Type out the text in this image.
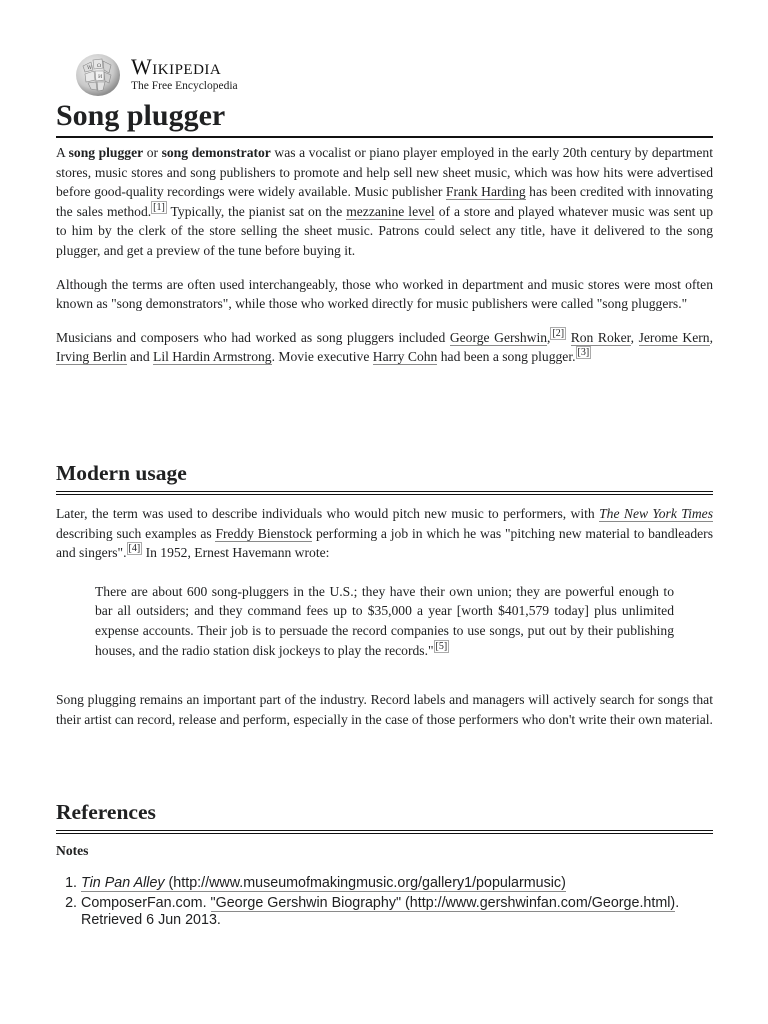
W Ω
И Wikipedia
The Free Encyclopedia
Song plugger

A song plugger or song demonstrator was a vocalist or piano player employed in the early 20th century by department stores, music stores and song publishers to promote and help sell new sheet music, which was how hits were advertised before good-quality recordings were widely available. Music publisher Frank Harding has been credited with innovating the sales method. [1] Typically, the pianist sat on the mezzanine level of a store and played whatever music was sent up to him by the clerk of the store selling the sheet music. Patrons could select any title, have it delivered to the song plugger, and get a preview of the tune before buying it.

Although the terms are often used interchangeably, those who worked in department and music stores were most often known as "song demonstrators", while those who worked directly for music publishers were called "song pluggers."

Musicians and composers who had worked as song pluggers included George Gershwin, [2] Ron Roker, Jerome Kern, Irving Berlin and Lil Hardin Armstrong. Movie executive Harry Cohn had been a song plugger. [3]

Modern usage

Later, the term was used to describe individuals who would pitch new music to performers, with The New York Times describing such examples as Freddy Bienstock performing a job in which he was "pitching new material to bandleaders and singers". [4] In 1952, Ernest Havemann wrote:

There are about 600 song-pluggers in the U.S.; they have their own union; they are powerful enough to bar all outsiders; and they command fees up to $35,000 a year [worth $401,579 today] plus unlimited expense accounts. Their job is to persuade the record companies to use songs, put out by their publishing houses, and the radio station disk jockeys to play the records." [5]

Song plugging remains an important part of the industry. Record labels and managers will actively search for songs that their artist can record, release and perform, especially in the case of those performers who don't write their own material.

References
Notes
1. Tin Pan Alley (http://www.museumofmakingmusic.org/gallery1/popularmusic)
2. ComposerFan.com. "George Gershwin Biography" (http://www.gershwinfan.com/George.html). Retrieved 6 Jun 2013.
